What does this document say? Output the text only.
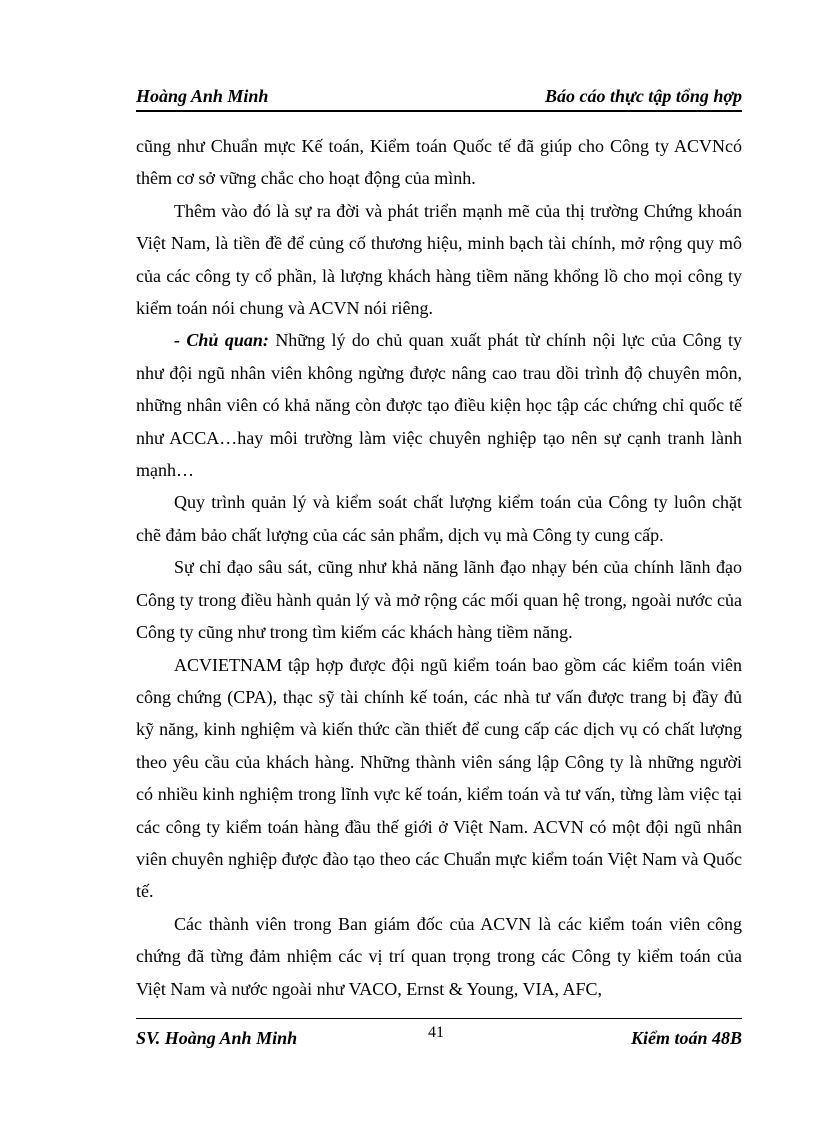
Hoàng Anh Minh	Báo cáo thực tập tổng hợp

cũng như Chuẩn mực Kế toán, Kiểm toán Quốc tế đã giúp cho Công ty ACVNcó thêm cơ sở vững chắc cho hoạt động của mình.

Thêm vào đó là sự ra đời và phát triển mạnh mẽ của thị trường Chứng khoán Việt Nam, là tiền đề để củng cố thương hiệu, minh bạch tài chính, mở rộng quy mô của các công ty cổ phần, là lượng khách hàng tiềm năng khổng lồ cho mọi công ty kiểm toán nói chung và ACVN nói riêng.

- Chủ quan: Những lý do chủ quan xuất phát từ chính nội lực của Công ty như đội ngũ nhân viên không ngừng được nâng cao trau dồi trình độ chuyên môn, những nhân viên có khả năng còn được tạo điều kiện học tập các chứng chỉ quốc tế như ACCA…hay môi trường làm việc chuyên nghiệp tạo nên sự cạnh tranh lành mạnh…

Quy trình quản lý và kiểm soát chất lượng kiểm toán của Công ty luôn chặt chẽ đảm bảo chất lượng của các sản phẩm, dịch vụ mà Công ty cung cấp.

Sự chỉ đạo sâu sát, cũng như khả năng lãnh đạo nhạy bén của chính lãnh đạo Công ty trong điều hành quản lý và mở rộng các mối quan hệ trong, ngoài nước của Công ty cũng như trong tìm kiếm các khách hàng tiềm năng.

ACVIETNAM tập hợp được đội ngũ kiểm toán bao gồm các kiểm toán viên công chứng (CPA), thạc sỹ tài chính kế toán, các nhà tư vấn được trang bị đầy đủ kỹ năng, kinh nghiệm và kiến thức cần thiết để cung cấp các dịch vụ có chất lượng theo yêu cầu của khách hàng. Những thành viên sáng lập Công ty là những người có nhiều kinh nghiệm trong lĩnh vực kế toán, kiểm toán và tư vấn, từng làm việc tại các công ty kiểm toán hàng đầu thế giới ở Việt Nam. ACVN có một đội ngũ nhân viên chuyên nghiệp được đào tạo theo các Chuẩn mực kiểm toán Việt Nam và Quốc tế.

Các thành viên trong Ban giám đốc của ACVN là các kiểm toán viên công chứng đã từng đảm nhiệm các vị trí quan trọng trong các Công ty kiểm toán của Việt Nam và nước ngoài như VACO, Ernst & Young, VIA, AFC,

SV. Hoàng Anh Minh	41	Kiểm toán 48B
